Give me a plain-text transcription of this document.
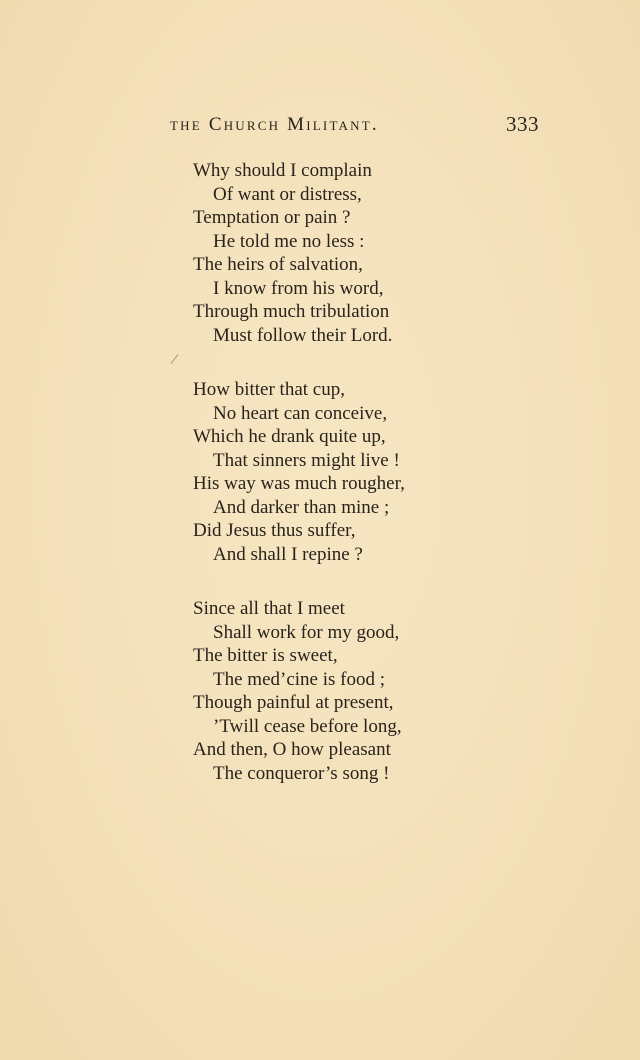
the Church Militant.	333
Why should I complain
Of want or distress,
Temptation or pain ?
He told me no less :
The heirs of salvation,
I know from his word,
Through much tribulation
Must follow their Lord.
How bitter that cup,
No heart can conceive,
Which he drank quite up,
That sinners might live !
His way was much rougher,
And darker than mine ;
Did Jesus thus suffer,
And shall I repine ?
Since all that I meet
Shall work for my good,
The bitter is sweet,
The med’cine is food ;
Though painful at present,
’Twill cease before long,
And then, O how pleasant
The conqueror’s song !
